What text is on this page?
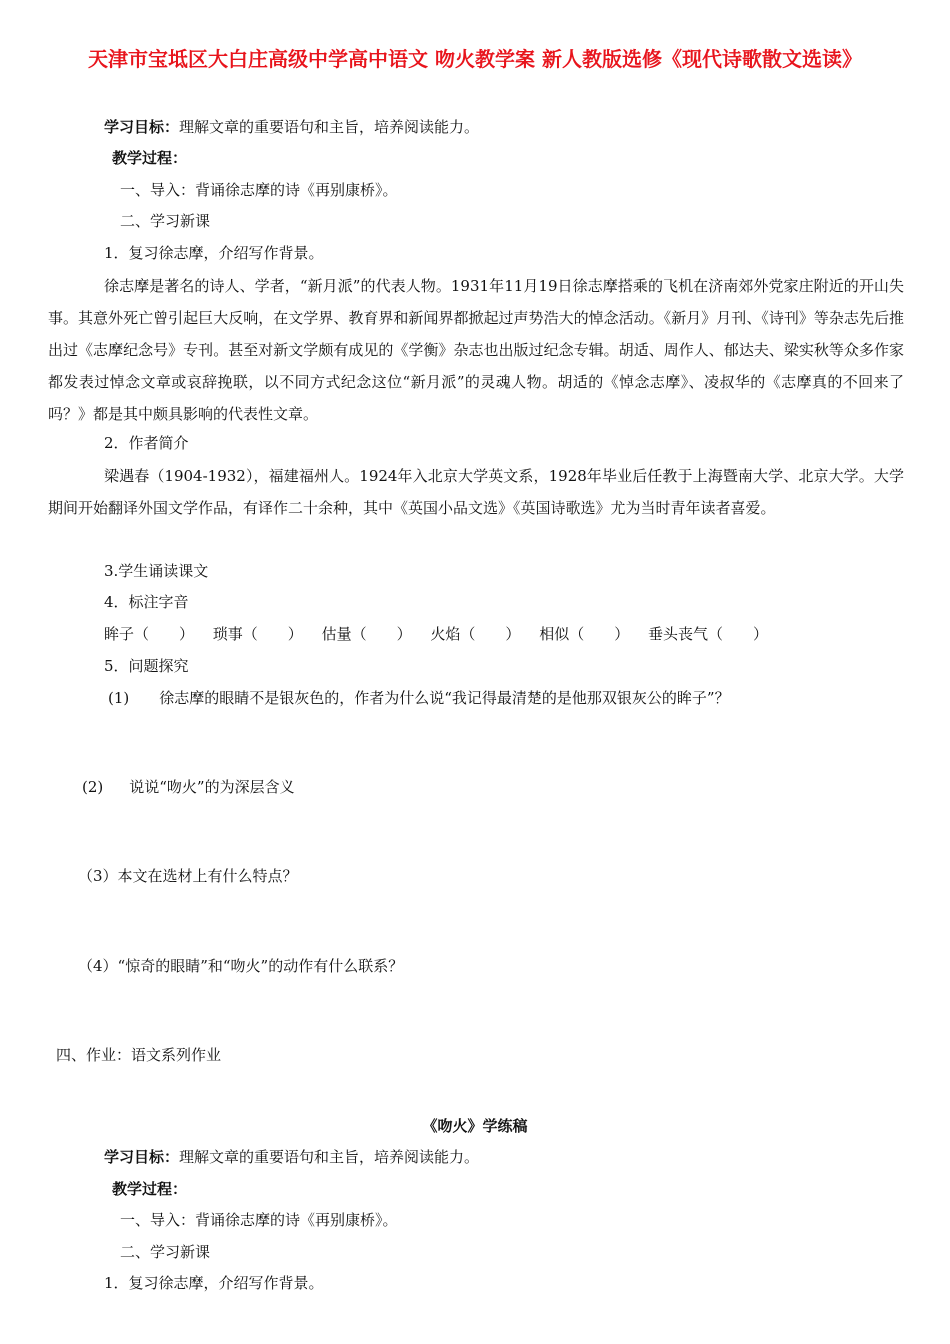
天津市宝坻区大白庄高级中学高中语文 吻火教学案 新人教版选修《现代诗歌散文选读》
学习目标：理解文章的重要语句和主旨，培养阅读能力。
教学过程：
一、导入：背诵徐志摩的诗《再别康桥》。
二、学习新课
1．复习徐志摩，介绍写作背景。
徐志摩是著名的诗人、学者，“新月派”的代表人物。1931年11月19日徐志摩搭乘的飞机在济南郊外党家庄附近的开山失事。其意外死亡曾引起巨大反响，在文学界、教育界和新闻界都掀起过声势浩大的悼念活动。《新月》月刊、《诗刊》等杂志先后推出过《志摩纪念号》专刊。甚至对新文学颇有成见的《学衡》杂志也出版过纪念专辑。胡适、周作人、郁达夫、梁实秋等众多作家都发表过悼念文章或哀辞挽联，以不同方式纪念这位“新月派”的灵魂人物。胡适的《悼念志摩》、凌叔华的《志摩真的不回来了吗？》都是其中颇具影响的代表性文章。
2．作者简介
梁遇春（1904-1932），福建福州人。1924年入北京大学英文系，1928年毕业后任教于上海暨南大学、北京大学。大学期间开始翻译外国文学作品，有译作二十余种，其中《英国小品文选》《英国诗歌选》尤为当时青年读者喜爱。
3.学生诵读课文
4．标注字音
眸子（　　） 琐事（　　） 估量（　　） 火焰（　　） 相似（　　） 垂头丧气（　　）
5．问题探究
(1) 徐志摩的眼睛不是银灰色的，作者为什么说“我记得最清楚的是他那双银灰公的眸子”？
(2) 说说“吻火”的为深层含义
（3）本文在选材上有什么特点？
（4）“惊奇的眼睛”和“吻火”的动作有什么联系？
四、作业：语文系列作业
《吻火》学练稿
学习目标：理解文章的重要语句和主旨，培养阅读能力。
教学过程：
一、导入：背诵徐志摩的诗《再别康桥》。
二、学习新课
1．复习徐志摩，介绍写作背景。
